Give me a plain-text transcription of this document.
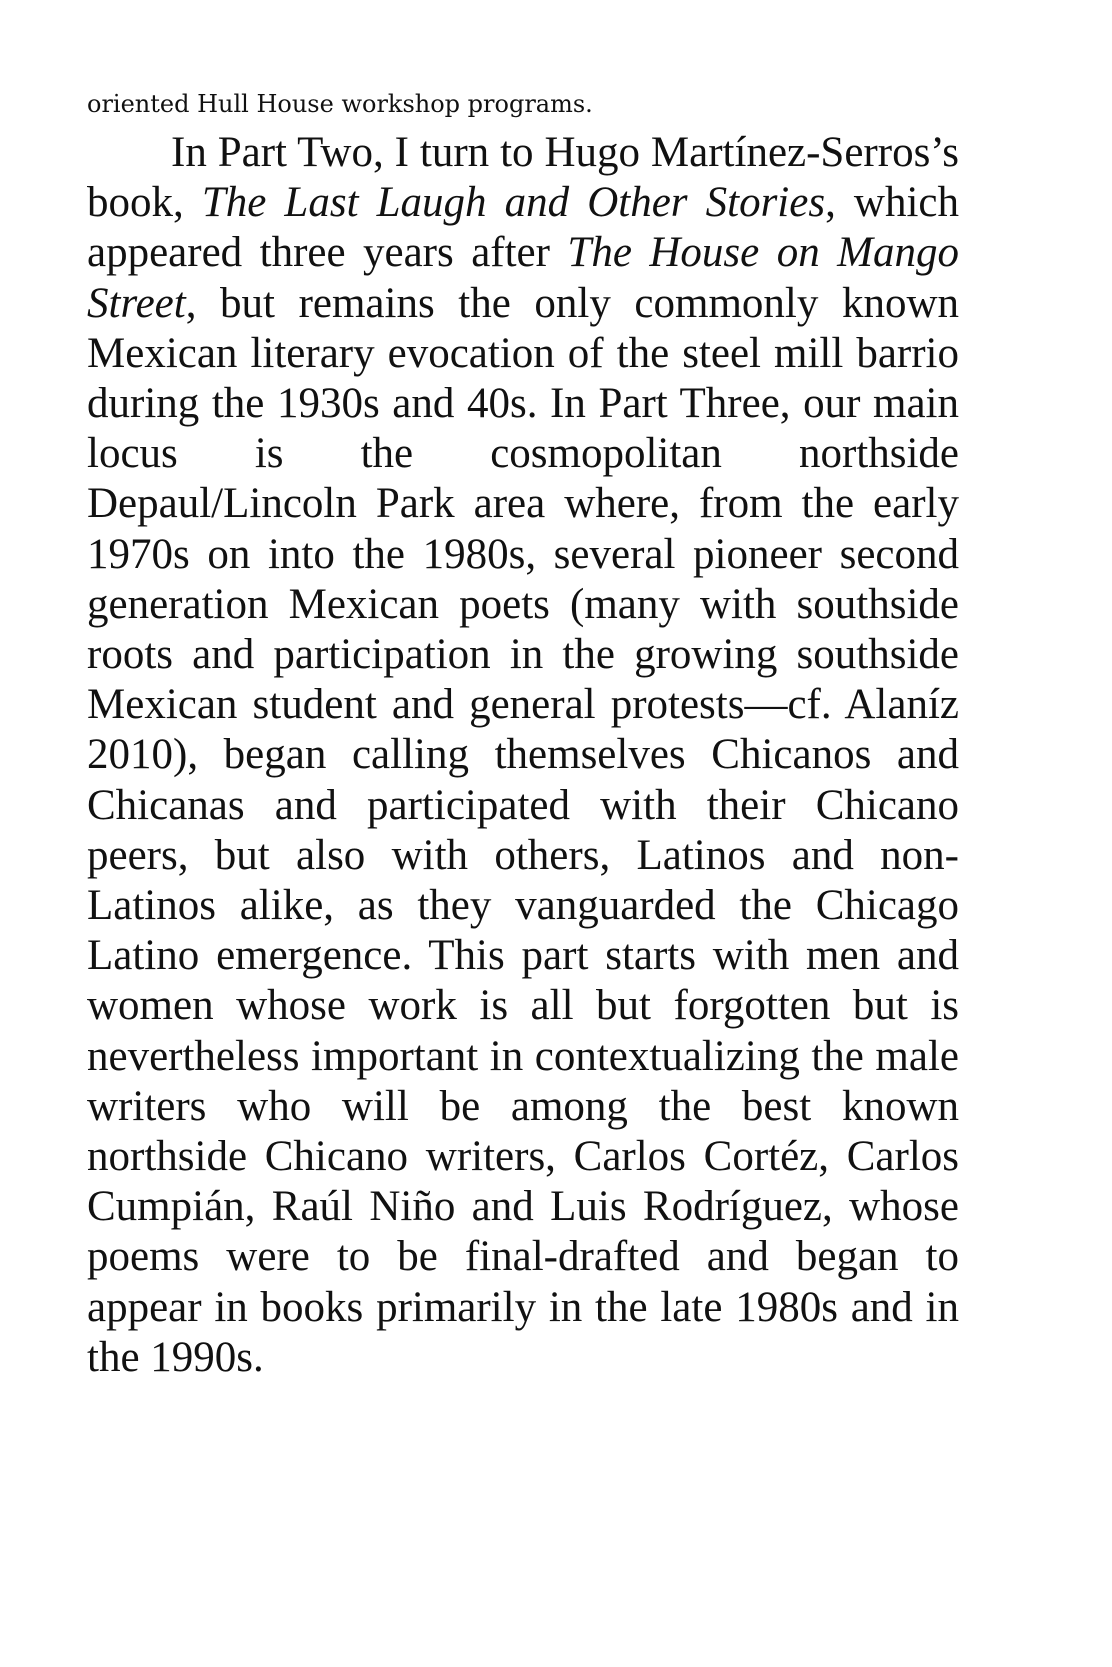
oriented Hull House workshop programs.

In Part Two, I turn to Hugo Martínez-Serros’s book, The Last Laugh and Other Stories, which appeared three years after The House on Mango Street, but remains the only commonly known Mexican literary evocation of the steel mill barrio during the 1930s and 40s. In Part Three, our main locus is the cosmopolitan northside Depaul/Lincoln Park area where, from the early 1970s on into the 1980s, several pioneer second generation Mexican poets (many with southside roots and participation in the growing southside Mexican student and general protests—cf. Alaníz 2010), began calling themselves Chicanos and Chicanas and participated with their Chicano peers, but also with others, Latinos and non-Latinos alike, as they vanguarded the Chicago Latino emergence. This part starts with men and women whose work is all but forgotten but is nevertheless important in contextualizing the male writers who will be among the best known northside Chicano writers, Carlos Cortéz, Carlos Cumpián, Raúl Niño and Luis Rodríguez, whose poems were to be final-drafted and began to appear in books primarily in the late 1980s and in the 1990s.
